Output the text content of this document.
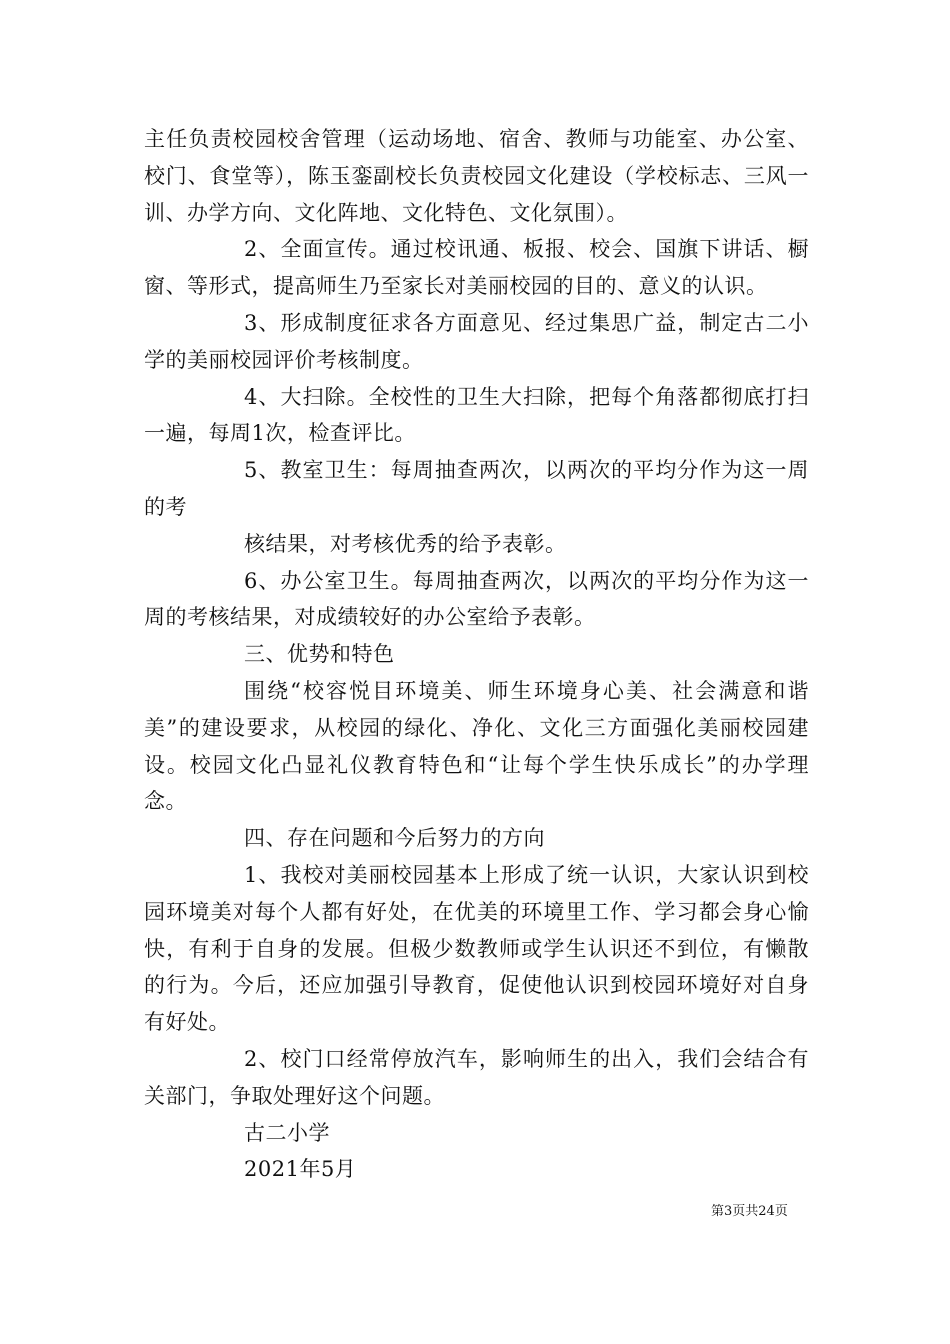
主任负责校园校舍管理（运动场地、宿舍、教师与功能室、办公室、校门、食堂等），陈玉銮副校长负责校园文化建设（学校标志、三风一训、办学方向、文化阵地、文化特色、文化氛围）。

2、全面宣传。通过校讯通、板报、校会、国旗下讲话、橱窗、等形式，提高师生乃至家长对美丽校园的目的、意义的认识。

3、形成制度征求各方面意见、经过集思广益，制定古二小学的美丽校园评价考核制度。

4、大扫除。全校性的卫生大扫除，把每个角落都彻底打扫一遍，每周1次，检查评比。

5、教室卫生：每周抽查两次，以两次的平均分作为这一周的考

核结果，对考核优秀的给予表彰。

6、办公室卫生。每周抽查两次，以两次的平均分作为这一周的考核结果，对成绩较好的办公室给予表彰。

三、优势和特色

围绕“校容悦目环境美、师生环境身心美、社会满意和谐美”的建设要求，从校园的绿化、净化、文化三方面强化美丽校园建设。校园文化凸显礼仪教育特色和“让每个学生快乐成长”的办学理念。

四、存在问题和今后努力的方向

1、我校对美丽校园基本上形成了统一认识，大家认识到校园环境美对每个人都有好处，在优美的环境里工作、学习都会身心愉快，有利于自身的发展。但极少数教师或学生认识还不到位，有懒散的行为。今后，还应加强引导教育，促使他认识到校园环境好对自身有好处。

2、校门口经常停放汽车，影响师生的出入，我们会结合有关部门，争取处理好这个问题。

古二小学

2021年5月

第3页共24页
